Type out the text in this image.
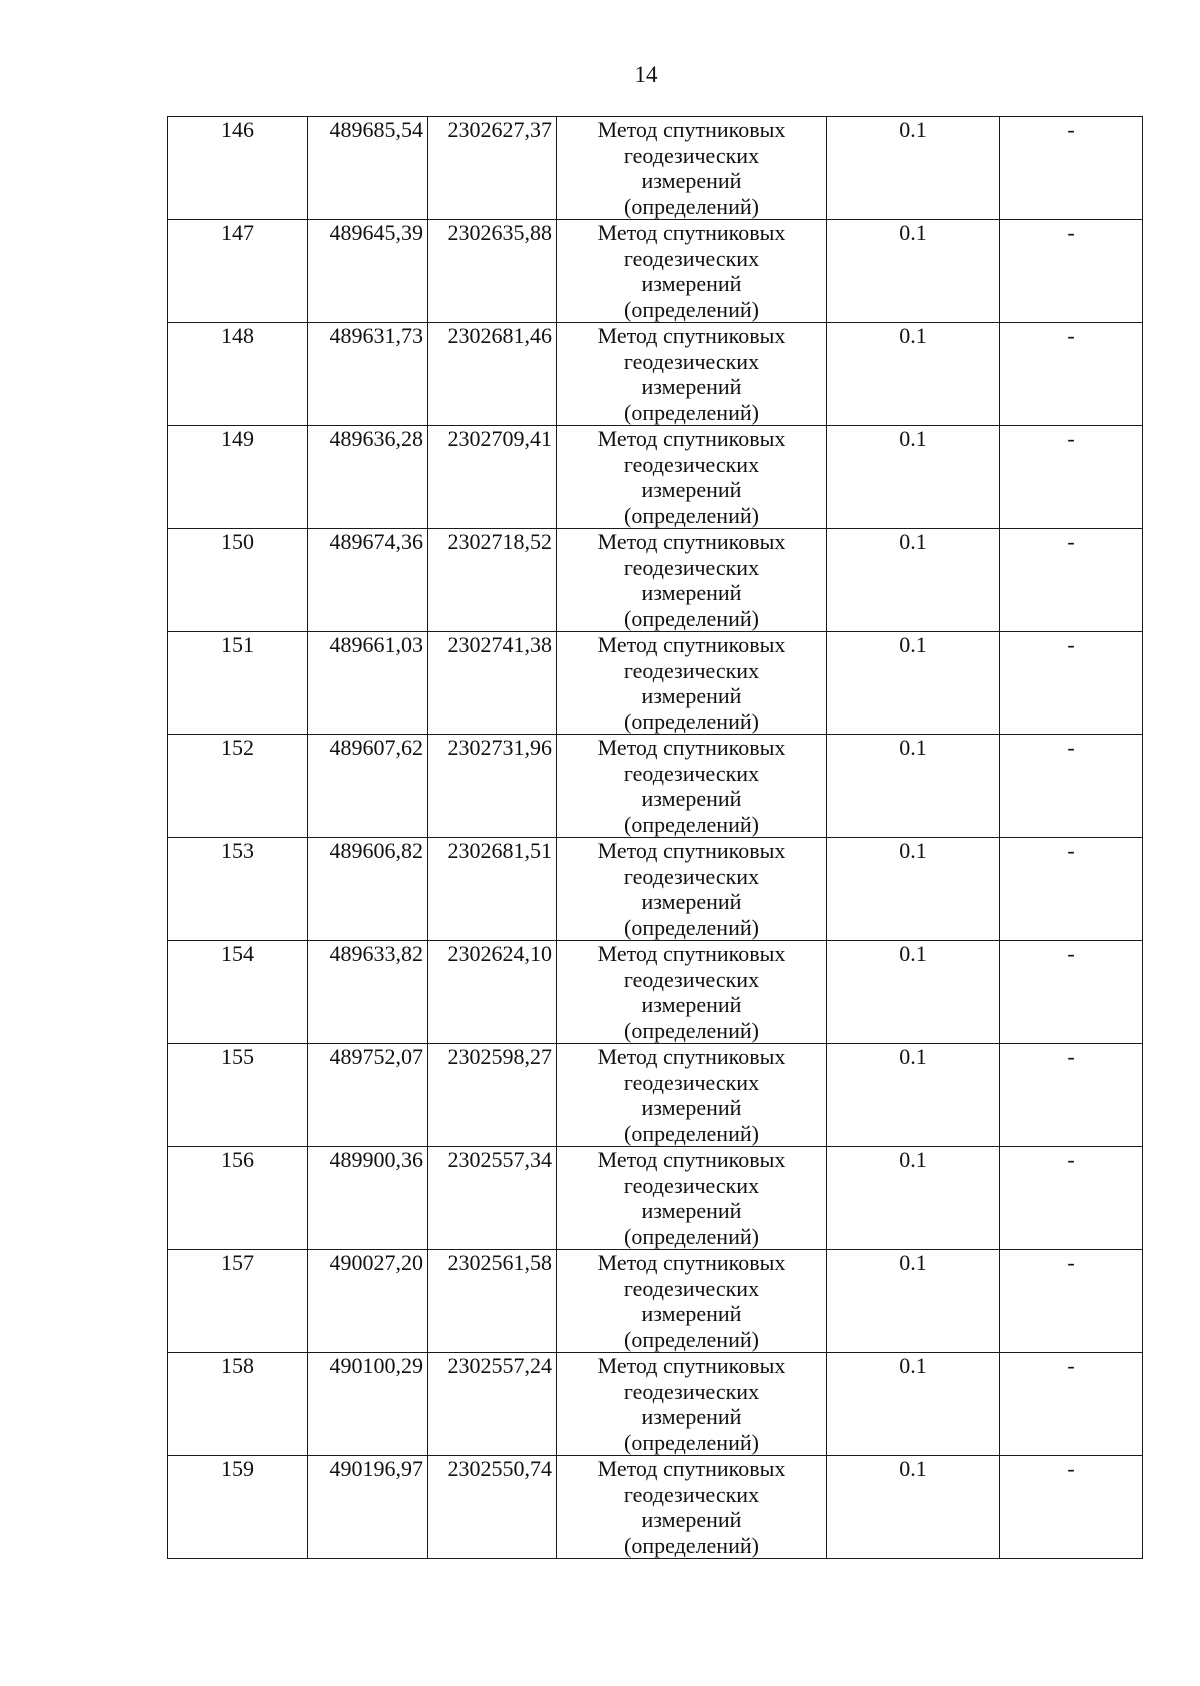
14
146	489685,54	2302627,37	Метод спутниковых
геодезических
измерений
(определений)	0.1	-
147	489645,39	2302635,88	Метод спутниковых
геодезических
измерений
(определений)	0.1	-
148	489631,73	2302681,46	Метод спутниковых
геодезических
измерений
(определений)	0.1	-
149	489636,28	2302709,41	Метод спутниковых
геодезических
измерений
(определений)	0.1	-
150	489674,36	2302718,52	Метод спутниковых
геодезических
измерений
(определений)	0.1	-
151	489661,03	2302741,38	Метод спутниковых
геодезических
измерений
(определений)	0.1	-
152	489607,62	2302731,96	Метод спутниковых
геодезических
измерений
(определений)	0.1	-
153	489606,82	2302681,51	Метод спутниковых
геодезических
измерений
(определений)	0.1	-
154	489633,82	2302624,10	Метод спутниковых
геодезических
измерений
(определений)	0.1	-
155	489752,07	2302598,27	Метод спутниковых
геодезических
измерений
(определений)	0.1	-
156	489900,36	2302557,34	Метод спутниковых
геодезических
измерений
(определений)	0.1	-
157	490027,20	2302561,58	Метод спутниковых
геодезических
измерений
(определений)	0.1	-
158	490100,29	2302557,24	Метод спутниковых
геодезических
измерений
(определений)	0.1	-
159	490196,97	2302550,74	Метод спутниковых
геодезических
измерений
(определений)	0.1	-
